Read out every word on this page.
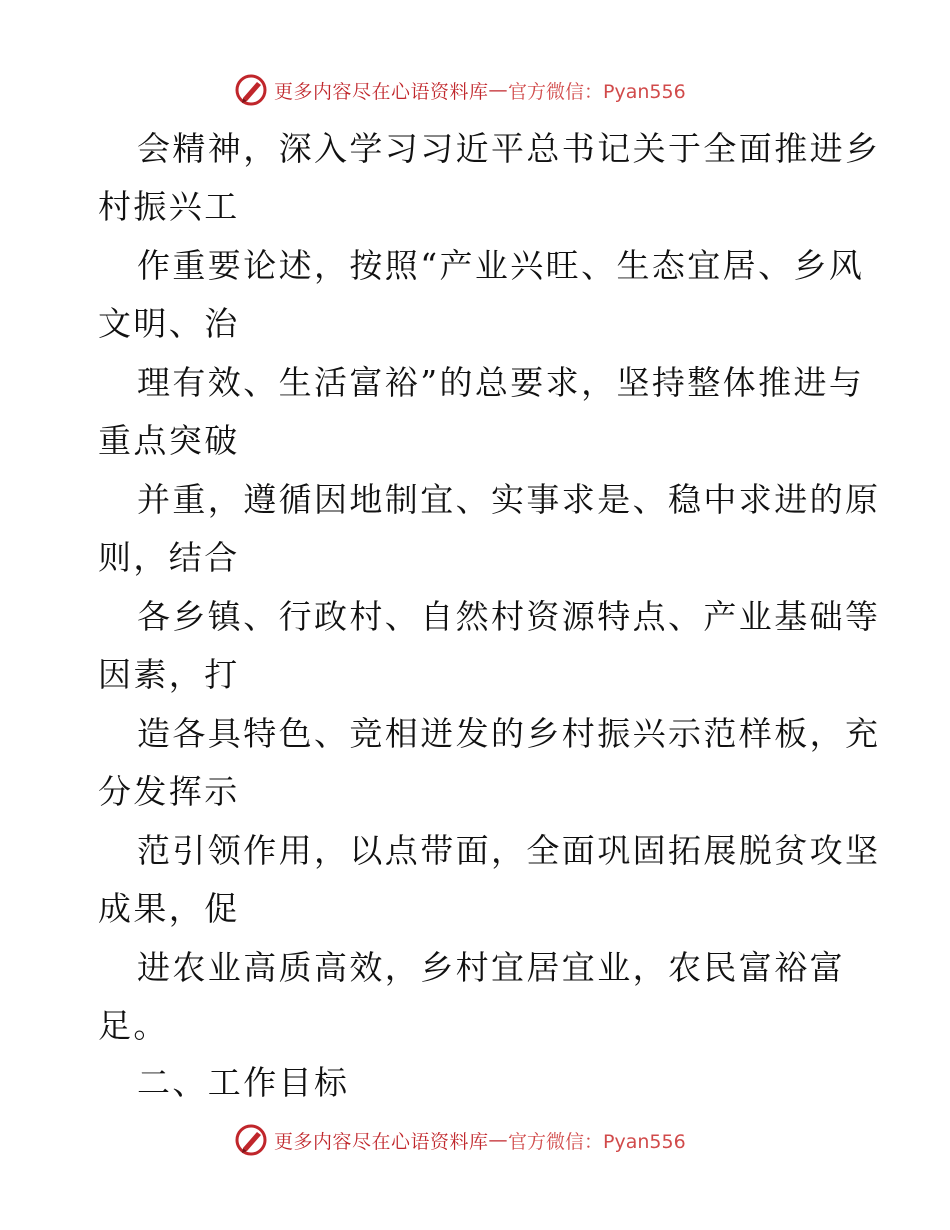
更多内容尽在心语资料库 — 官方微信：Pyan556
会精神，深入学习习近平总书记关于全面推进乡
村振兴工
作重要论述，按照“产业兴旺、生态宜居、乡风
文明、治
理有效、生活富裕”的总要求，坚持整体推进与
重点突破
并重，遵循因地制宜、实事求是、稳中求进的原
则，结合
各乡镇、行政村、自然村资源特点、产业基础等
因素，打
造各具特色、竞相迸发的乡村振兴示范样板，充
分发挥示
范引领作用，以点带面，全面巩固拓展脱贫攻坚
成果，促
进农业高质高效，乡村宜居宜业，农民富裕富
足。
二、工作目标
更多内容尽在心语资料库 — 官方微信：Pyan556
